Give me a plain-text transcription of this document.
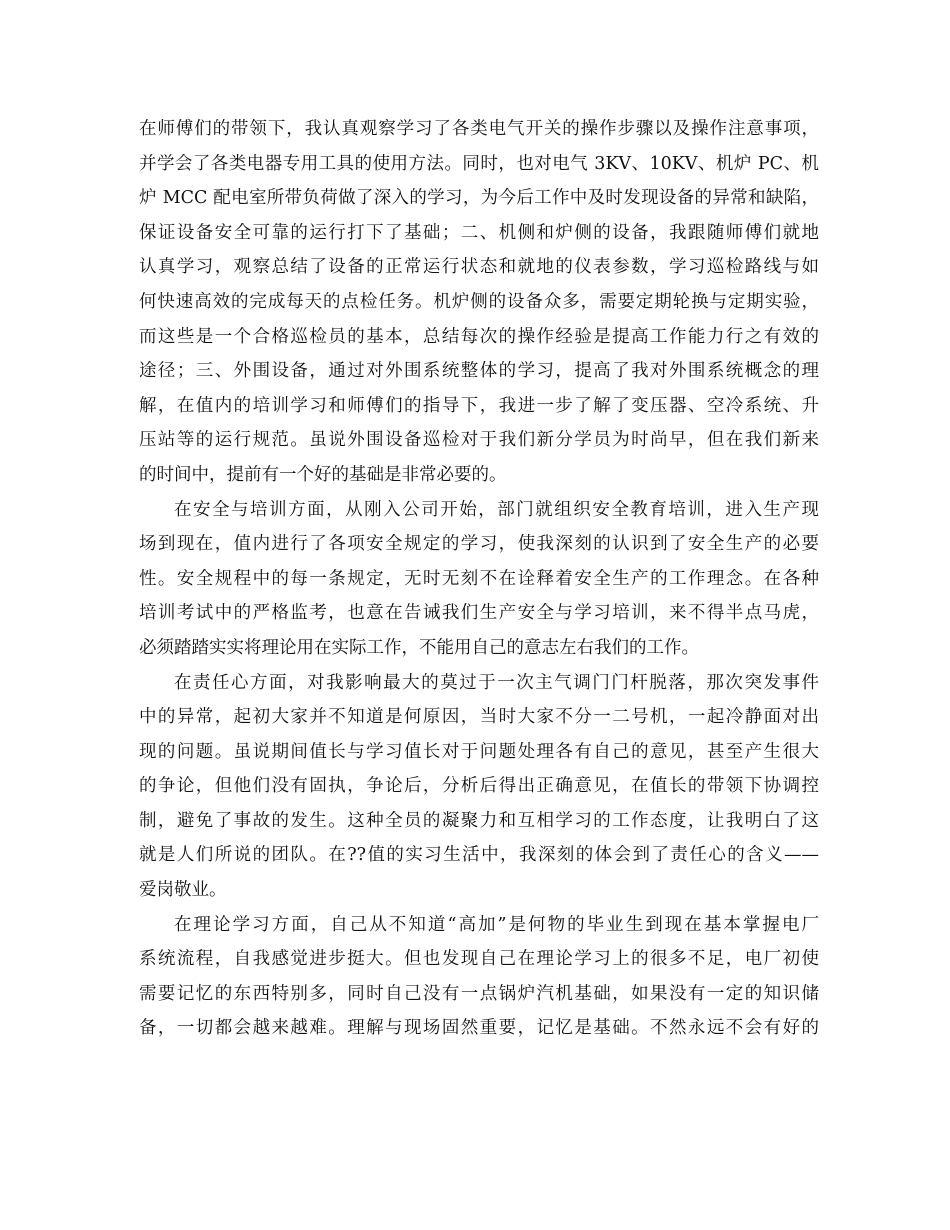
在师傅们的带领下，我认真观察学习了各类电气开关的操作步骤以及操作注意事项，
并学会了各类电器专用工具的使用方法。同时，也对电气 3KV、10KV、机炉 PC、机
炉 MCC 配电室所带负荷做了深入的学习，为今后工作中及时发现设备的异常和缺陷，
保证设备安全可靠的运行打下了基础；二、机侧和炉侧的设备，我跟随师傅们就地
认真学习，观察总结了设备的正常运行状态和就地的仪表参数，学习巡检路线与如
何快速高效的完成每天的点检任务。机炉侧的设备众多，需要定期轮换与定期实验，
而这些是一个合格巡检员的基本，总结每次的操作经验是提高工作能力行之有效的
途径；三、外围设备，通过对外围系统整体的学习，提高了我对外围系统概念的理
解，在值内的培训学习和师傅们的指导下，我进一步了解了变压器、空冷系统、升
压站等的运行规范。虽说外围设备巡检对于我们新分学员为时尚早，但在我们新来
的时间中，提前有一个好的基础是非常必要的。
在安全与培训方面，从刚入公司开始，部门就组织安全教育培训，进入生产现
场到现在，值内进行了各项安全规定的学习，使我深刻的认识到了安全生产的必要
性。安全规程中的每一条规定，无时无刻不在诠释着安全生产的工作理念。在各种
培训考试中的严格监考，也意在告诫我们生产安全与学习培训，来不得半点马虎，
必须踏踏实实将理论用在实际工作，不能用自己的意志左右我们的工作。
在责任心方面，对我影响最大的莫过于一次主气调门门杆脱落，那次突发事件
中的异常，起初大家并不知道是何原因，当时大家不分一二号机，一起冷静面对出
现的问题。虽说期间值长与学习值长对于问题处理各有自己的意见，甚至产生很大
的争论，但他们没有固执，争论后，分析后得出正确意见，在值长的带领下协调控
制，避免了事故的发生。这种全员的凝聚力和互相学习的工作态度，让我明白了这
就是人们所说的团队。在??值的实习生活中，我深刻的体会到了责任心的含义——
爱岗敬业。
在理论学习方面，自己从不知道“高加”是何物的毕业生到现在基本掌握电厂
系统流程，自我感觉进步挺大。但也发现自己在理论学习上的很多不足，电厂初使
需要记忆的东西特别多，同时自己没有一点锅炉汽机基础，如果没有一定的知识储
备，一切都会越来越难。理解与现场固然重要，记忆是基础。不然永远不会有好的
